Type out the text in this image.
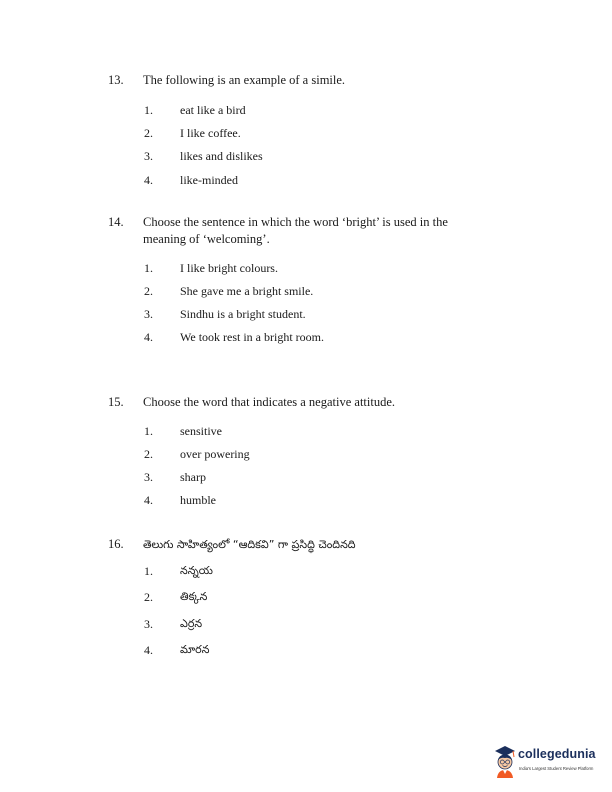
13. The following is an example of a simile.
1. eat like a bird
2. I like coffee.
3. likes and dislikes
4. like-minded
14. Choose the sentence in which the word ‘bright’ is used in the
meaning of ‘welcoming’.
1. I like bright colours.
2. She gave me a bright smile.
3. Sindhu is a bright student.
4. We took rest in a bright room.
15. Choose the word that indicates a negative attitude.
1. sensitive
2. over powering
3. sharp
4. humble
16. తెలుగు సాహిత్యంలో “ఆదికవి” గా ప్రసిద్ధి చెందినది
1. నన్నయ
2. తిక్కన
3. ఎర్రన
4. మారన
collegedunia
India's Largest Student Review Platform
